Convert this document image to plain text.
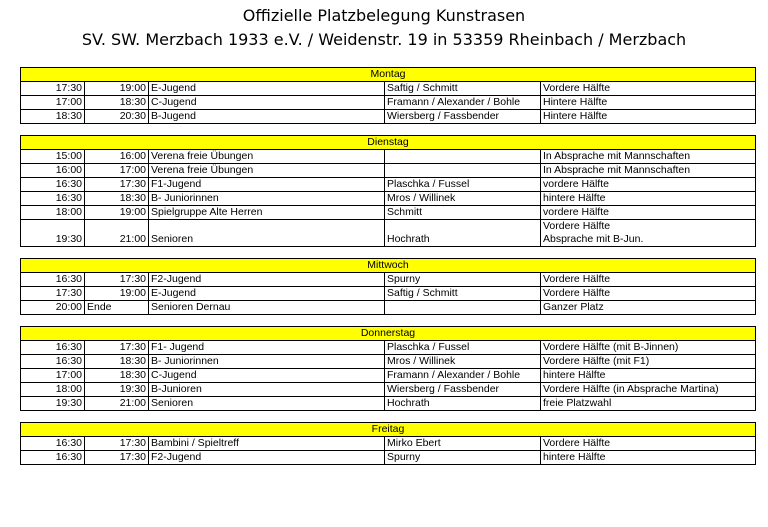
Offizielle Platzbelegung Kunstrasen
SV. SW. Merzbach 1933 e.V. / Weidenstr. 19 in 53359 Rheinbach / Merzbach
Montag				
17:30	19:00	E-Jugend	Saftig / Schmitt	Vordere Hälfte
17:00	18:30	C-Jugend	Framann / Alexander / Bohle	Hintere Hälfte
18:30	20:30	B-Jugend	Wiersberg / Fassbender	Hintere Hälfte
Dienstag				
15:00	16:00	Verena freie Übungen		In Absprache mit Mannschaften
16:00	17:00	Verena freie Übungen		In Absprache mit Mannschaften
16:30	17:30	F1-Jugend	Plaschka / Fussel	vordere Hälfte
16:30	18:30	B- Juniorinnen	Mros / Willinek	hintere Hälfte
18:00	19:00	Spielgruppe Alte Herren	Schmitt	vordere Hälfte
19:30	21:00	Senioren	Hochrath	Vordere Hälfte
Absprache mit B-Jun.
Mittwoch				
16:30	17:30	F2-Jugend	Spurny	Vordere Hälfte
17:30	19:00	E-Jugend	Saftig / Schmitt	Vordere Hälfte
20:00	Ende	Senioren Dernau		Ganzer Platz
Donnerstag				
16:30	17:30	F1- Jugend	Plaschka / Fussel	Vordere Hälfte (mit B-Jinnen)
16:30	18:30	B- Juniorinnen	Mros / Willinek	Vordere Hälfte (mit F1)
17:00	18:30	C-Jugend	Framann / Alexander / Bohle	hintere Hälfte
18:00	19:30	B-Junioren	Wiersberg / Fassbender	Vordere Hälfte (in Absprache Martina)
19:30	21:00	Senioren	Hochrath	freie Platzwahl
Freitag				
16:30	17:30	Bambini / Spieltreff	Mirko Ebert	Vordere Hälfte
16:30	17:30	F2-Jugend	Spurny	hintere Hälfte
